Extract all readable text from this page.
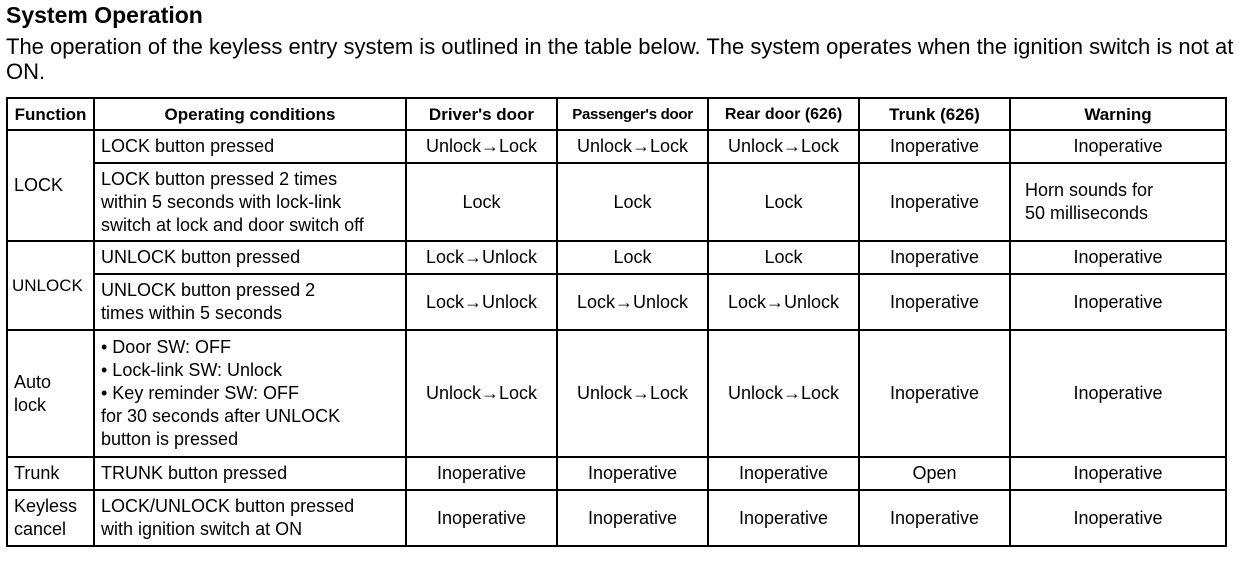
System Operation
The operation of the keyless entry system is outlined in the table below. The system operates when the ignition switch is not at ON.
Function	Operating conditions	Driver's door	Passenger's door	Rear door (626)	Trunk (626)	Warning
LOCK	LOCK button pressed	Unlock→Lock	Unlock→Lock	Unlock→Lock	Inoperative	Inoperative

	LOCK button pressed 2 times
within 5 seconds with lock-link
switch at lock and door switch off	Lock	Lock	Lock	Inoperative	Horn sounds for
50 milliseconds

UNLOCK	UNLOCK button pressed	Lock→Unlock	Lock	Lock	Inoperative	Inoperative

	UNLOCK button pressed 2
times within 5 seconds	Lock→Unlock	Lock→Unlock	Lock→Unlock	Inoperative	Inoperative

Auto
lock	• Door SW: OFF
• Lock-link SW: Unlock
• Key reminder SW: OFF
for 30 seconds after UNLOCK
button is pressed	Unlock→Lock	Unlock→Lock	Unlock→Lock	Inoperative	Inoperative

Trunk	TRUNK button pressed	Inoperative	Inoperative	Inoperative	Open	Inoperative

Keyless
cancel	LOCK/UNLOCK button pressed
with ignition switch at ON	Inoperative	Inoperative	Inoperative	Inoperative	Inoperative
